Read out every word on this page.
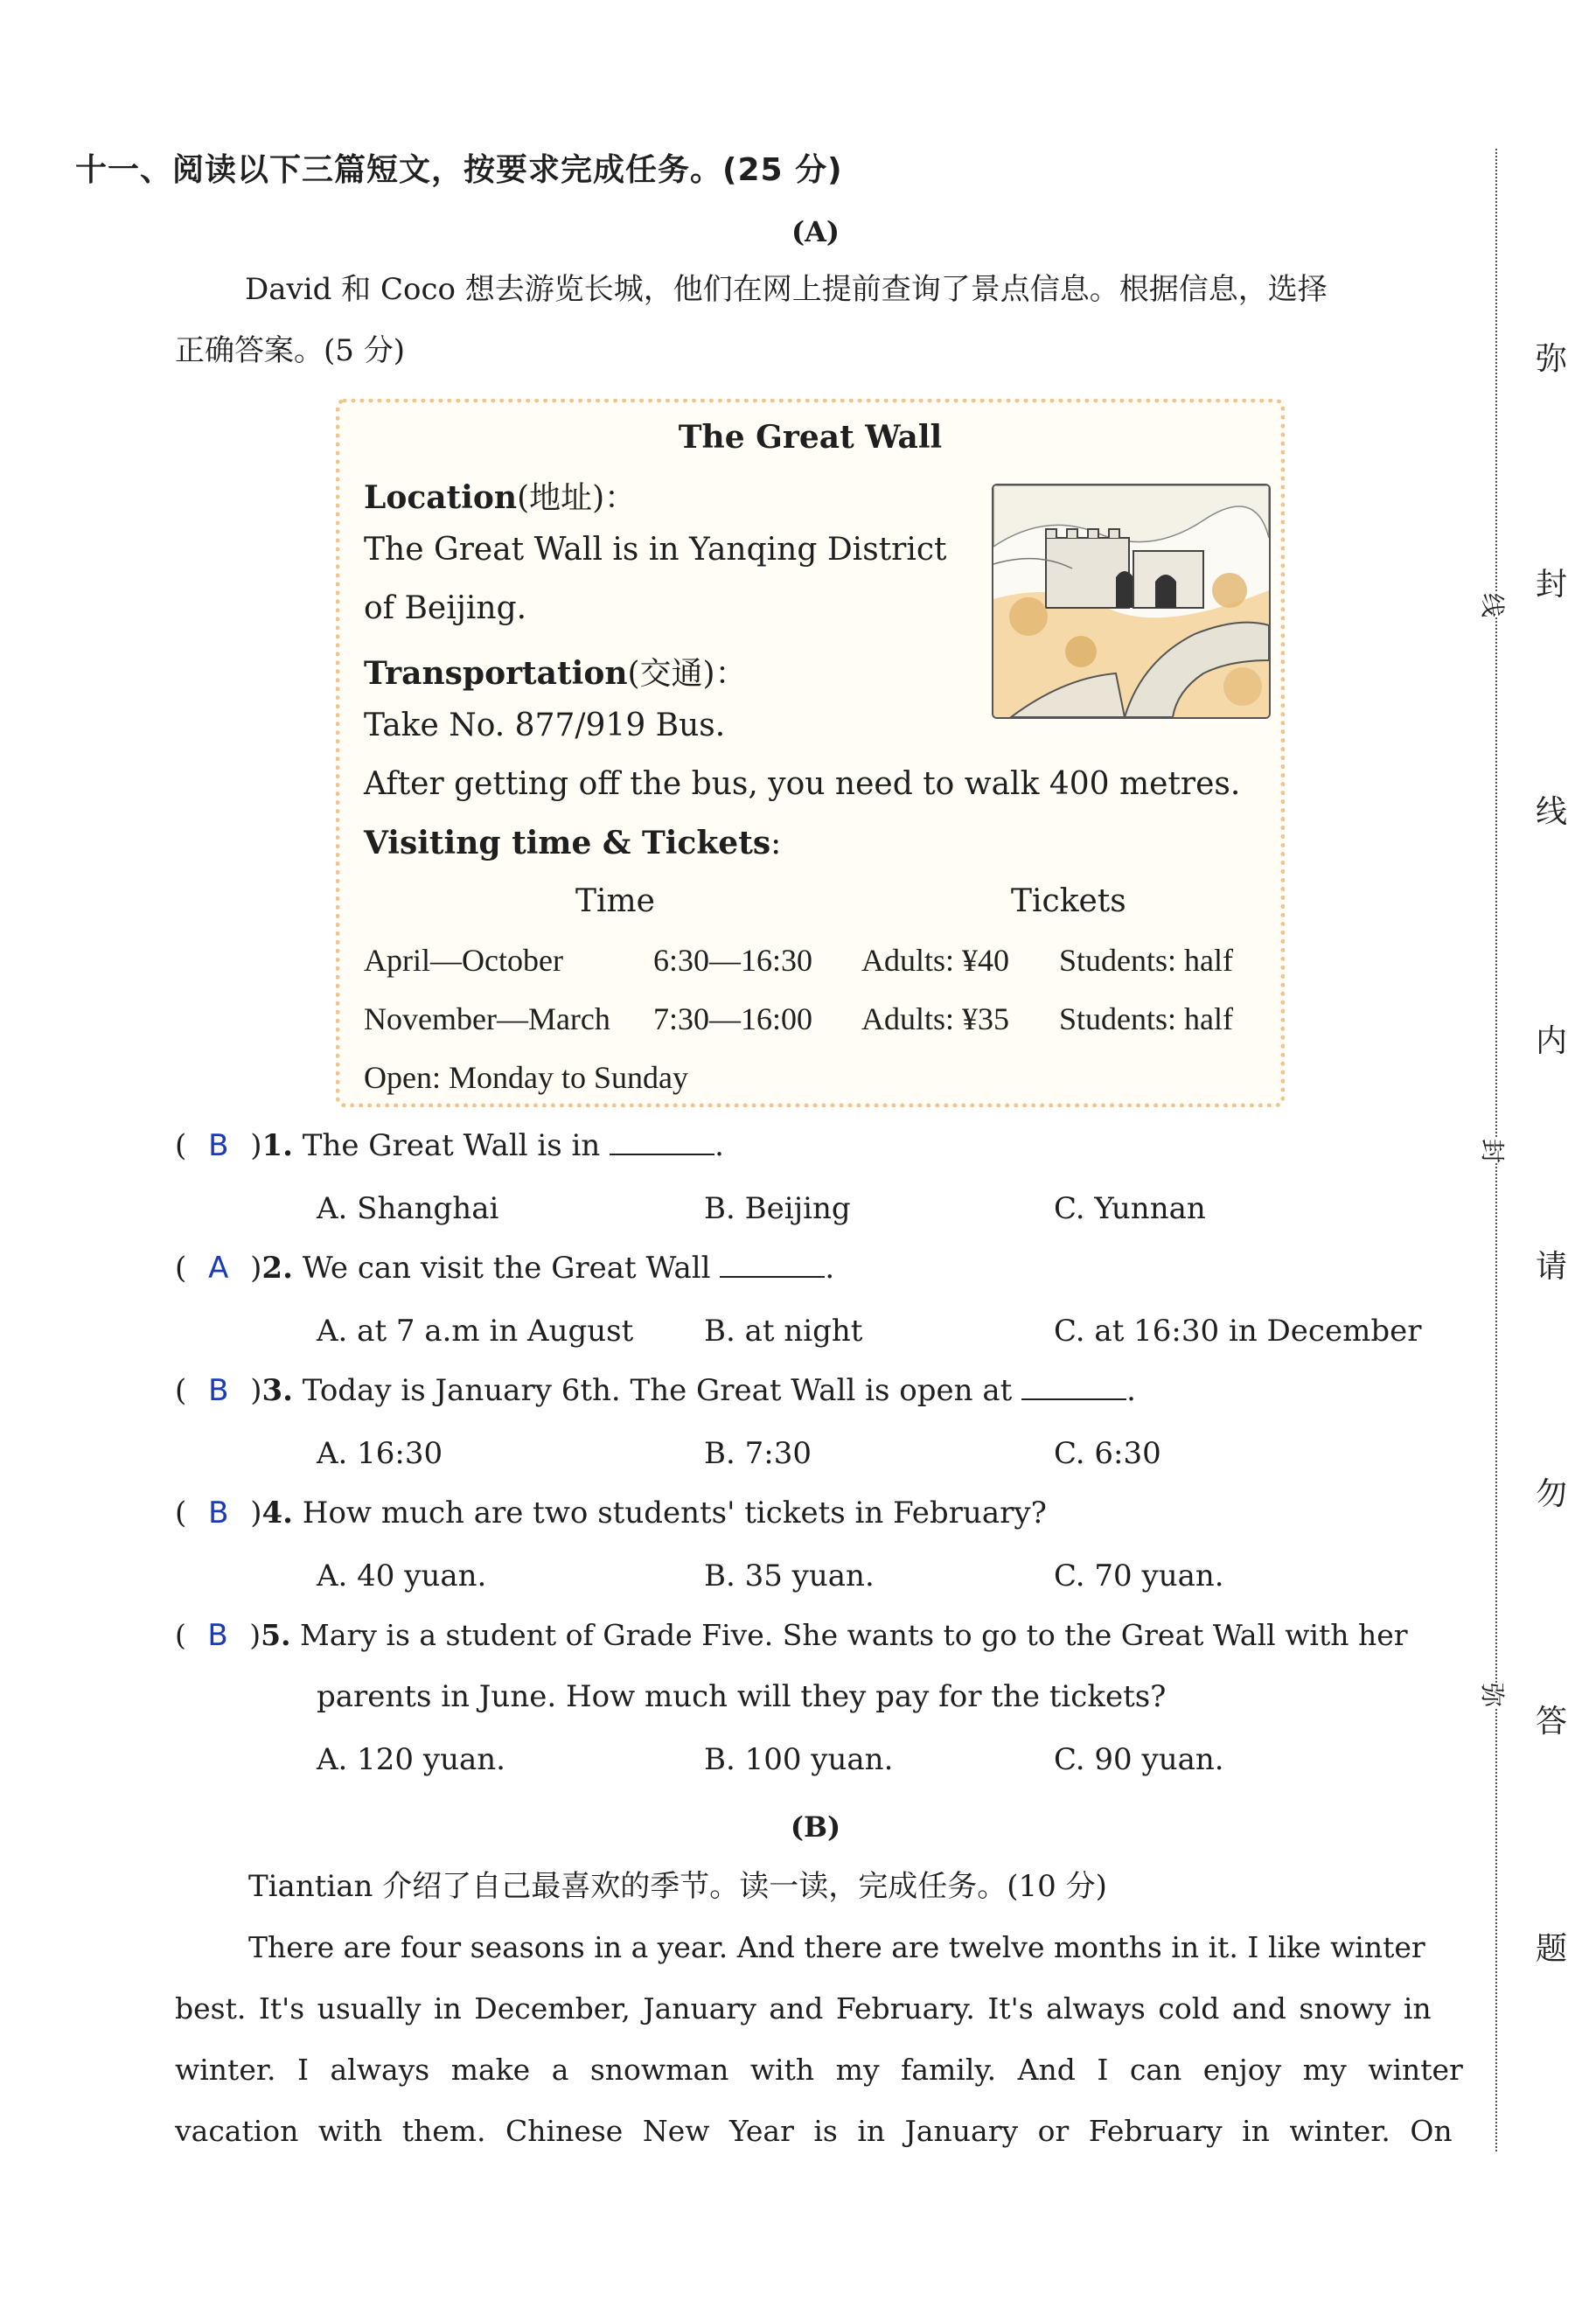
十一、阅读以下三篇短文，按要求完成任务。(25 分)
(A)
David 和 Coco 想去游览长城，他们在网上提前查询了景点信息。根据信息，选择
正确答案。(5 分)
The Great Wall
Location(地址)：
The Great Wall is in Yanqing District
of Beijing.
Transportation(交通)：
Take No. 877/919 Bus.
After getting off the bus, you need to walk 400 metres.
Visiting time & Tickets:
Time	Tickets
April—October	6:30—16:30 Adults: ¥40 Students: half
November—March 7:30—16:00 Adults: ¥35 Students: half
Open: Monday to Sunday
( B )1. The Great Wall is in	.
A. Shanghai	B. Beijing	C. Yunnan
( A )2. We can visit the Great Wall	.
A. at 7 a.m in August B. at night	C. at 16:30 in December
( B )3. Today is January 6th. The Great Wall is open at	.
A. 16:30	B. 7:30	C. 6:30
( B )4. How much are two students' tickets in February?
A. 40 yuan.	B. 35 yuan.	C. 70 yuan.
( B )5. Mary is a student of Grade Five. She wants to go to the Great Wall with her
parents in June. How much will they pay for the tickets?
A. 120 yuan.	B. 100 yuan.	C. 90 yuan.
(B)
Tiantian 介绍了自己最喜欢的季节。读一读，完成任务。(10 分)
There are four seasons in a year. And there are twelve months in it. I like winter
best. It's usually in December, January and February. It's always cold and snowy in
winter. I always make a snowman with my family. And I can enjoy my winter
vacation with them. Chinese New Year is in January or February in winter. On
线
封
弥
弥
封
线
内
请
勿
答
题
